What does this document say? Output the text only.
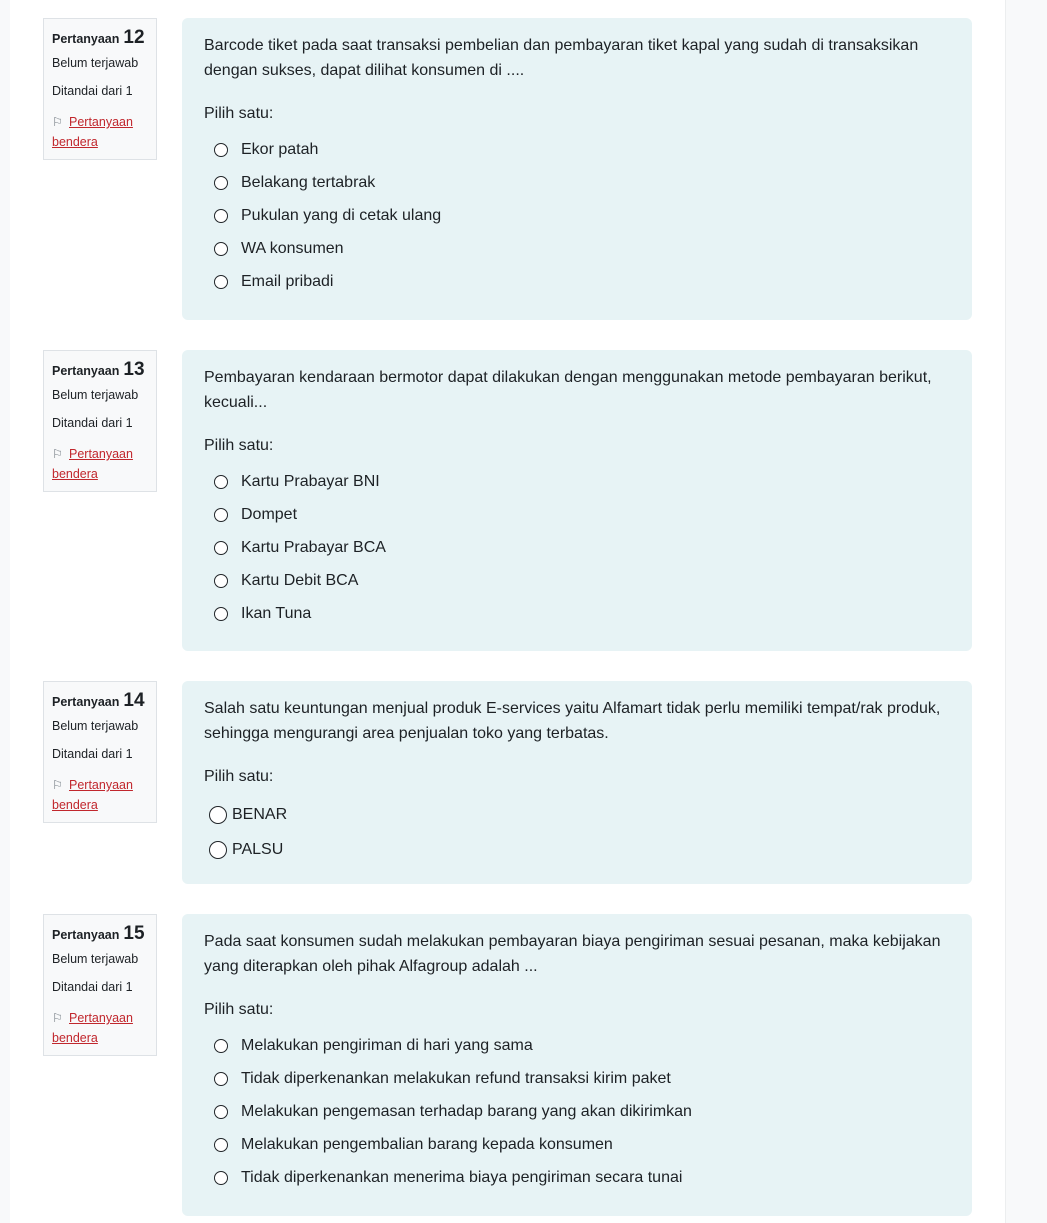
Pertanyaan 12
Belum terjawab
Ditandai dari 1
⚐ Pertanyaan bendera
Barcode tiket pada saat transaksi pembelian dan pembayaran tiket kapal yang sudah di transaksikan dengan sukses, dapat dilihat konsumen di ....
Pilih satu:
Ekor patah
Belakang tertabrak
Pukulan yang di cetak ulang
WA konsumen
Email pribadi
Pertanyaan 13
Belum terjawab
Ditandai dari 1
⚐ Pertanyaan bendera
Pembayaran kendaraan bermotor dapat dilakukan dengan menggunakan metode pembayaran berikut, kecuali...
Pilih satu:
Kartu Prabayar BNI
Dompet
Kartu Prabayar BCA
Kartu Debit BCA
Ikan Tuna
Pertanyaan 14
Belum terjawab
Ditandai dari 1
⚐ Pertanyaan bendera
Salah satu keuntungan menjual produk E-services yaitu Alfamart tidak perlu memiliki tempat/rak produk, sehingga mengurangi area penjualan toko yang terbatas.
Pilih satu:
BENAR
PALSU
Pertanyaan 15
Belum terjawab
Ditandai dari 1
⚐ Pertanyaan bendera
Pada saat konsumen sudah melakukan pembayaran biaya pengiriman sesuai pesanan, maka kebijakan yang diterapkan oleh pihak Alfagroup adalah ...
Pilih satu:
Melakukan pengiriman di hari yang sama
Tidak diperkenankan melakukan refund transaksi kirim paket
Melakukan pengemasan terhadap barang yang akan dikirimkan
Melakukan pengembalian barang kepada konsumen
Tidak diperkenankan menerima biaya pengiriman secara tunai
